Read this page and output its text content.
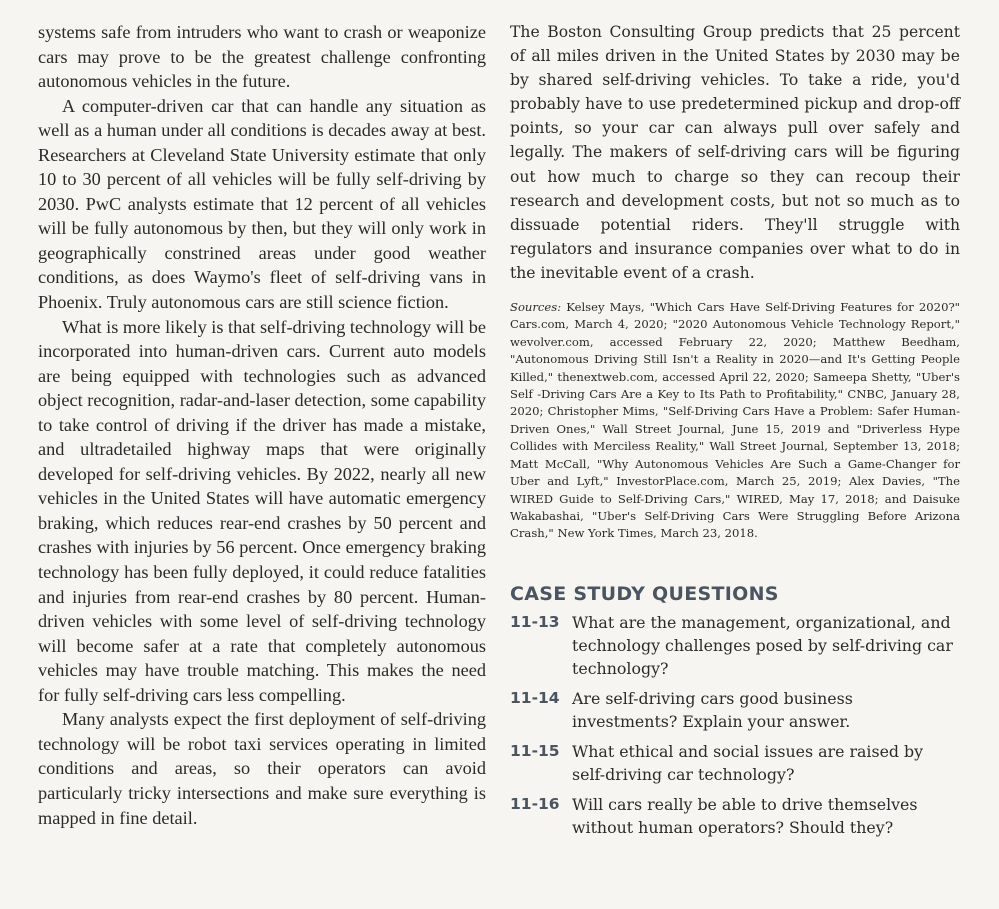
systems safe from intruders who want to crash or weaponize cars may prove to be the greatest challenge confronting autonomous vehicles in the future.

A computer-driven car that can handle any situation as well as a human under all conditions is decades away at best. Researchers at Cleveland State University estimate that only 10 to 30 percent of all vehicles will be fully self-driving by 2030. PwC analysts estimate that 12 percent of all vehicles will be fully autonomous by then, but they will only work in geographically constrined areas under good weather conditions, as does Waymo's fleet of self-driving vans in Phoenix. Truly autonomous cars are still science fiction.

What is more likely is that self-driving technology will be incorporated into human-driven cars. Current auto models are being equipped with technologies such as advanced object recognition, radar-and-laser detection, some capability to take control of driving if the driver has made a mistake, and ultradetailed highway maps that were originally developed for self-driving vehicles. By 2022, nearly all new vehicles in the United States will have automatic emergency braking, which reduces rear-end crashes by 50 percent and crashes with injuries by 56 percent. Once emergency braking technology has been fully deployed, it could reduce fatalities and injuries from rear-end crashes by 80 percent. Human-driven vehicles with some level of self-driving technology will become safer at a rate that completely autonomous vehicles may have trouble matching. This makes the need for fully self-driving cars less compelling.

Many analysts expect the first deployment of self-driving technology will be robot taxi services operating in limited conditions and areas, so their operators can avoid particularly tricky intersections and make sure everything is mapped in fine detail.

The Boston Consulting Group predicts that 25 percent of all miles driven in the United States by 2030 may be by shared self-driving vehicles. To take a ride, you'd probably have to use predetermined pickup and drop-off points, so your car can always pull over safely and legally. The makers of self-driving cars will be figuring out how much to charge so they can recoup their research and development costs, but not so much as to dissuade potential riders. They'll struggle with regulators and insurance companies over what to do in the inevitable event of a crash.

Sources: Kelsey Mays, "Which Cars Have Self-Driving Features for 2020?" Cars.com, March 4, 2020; "2020 Autonomous Vehicle Technology Report," wevolver.com, accessed February 22, 2020; Matthew Beedham, "Autonomous Driving Still Isn't a Reality in 2020—and It's Getting People Killed," thenextweb.com, accessed April 22, 2020; Sameepa Shetty, "Uber's Self -Driving Cars Are a Key to Its Path to Profitability," CNBC, January 28, 2020; Christopher Mims, "Self-Driving Cars Have a Problem: Safer Human-Driven Ones," Wall Street Journal, June 15, 2019 and "Driverless Hype Collides with Merciless Reality," Wall Street Journal, September 13, 2018; Matt McCall, "Why Autonomous Vehicles Are Such a Game-Changer for Uber and Lyft," InvestorPlace.com, March 25, 2019; Alex Davies, "The WIRED Guide to Self-Driving Cars," WIRED, May 17, 2018; and Daisuke Wakabashai, "Uber's Self-Driving Cars Were Struggling Before Arizona Crash," New York Times, March 23, 2018.

CASE STUDY QUESTIONS
11-13 What are the management, organizational, and technology challenges posed by self-driving car technology?
11-14 Are self-driving cars good business investments? Explain your answer.
11-15 What ethical and social issues are raised by self-driving car technology?
11-16 Will cars really be able to drive themselves without human operators? Should they?
